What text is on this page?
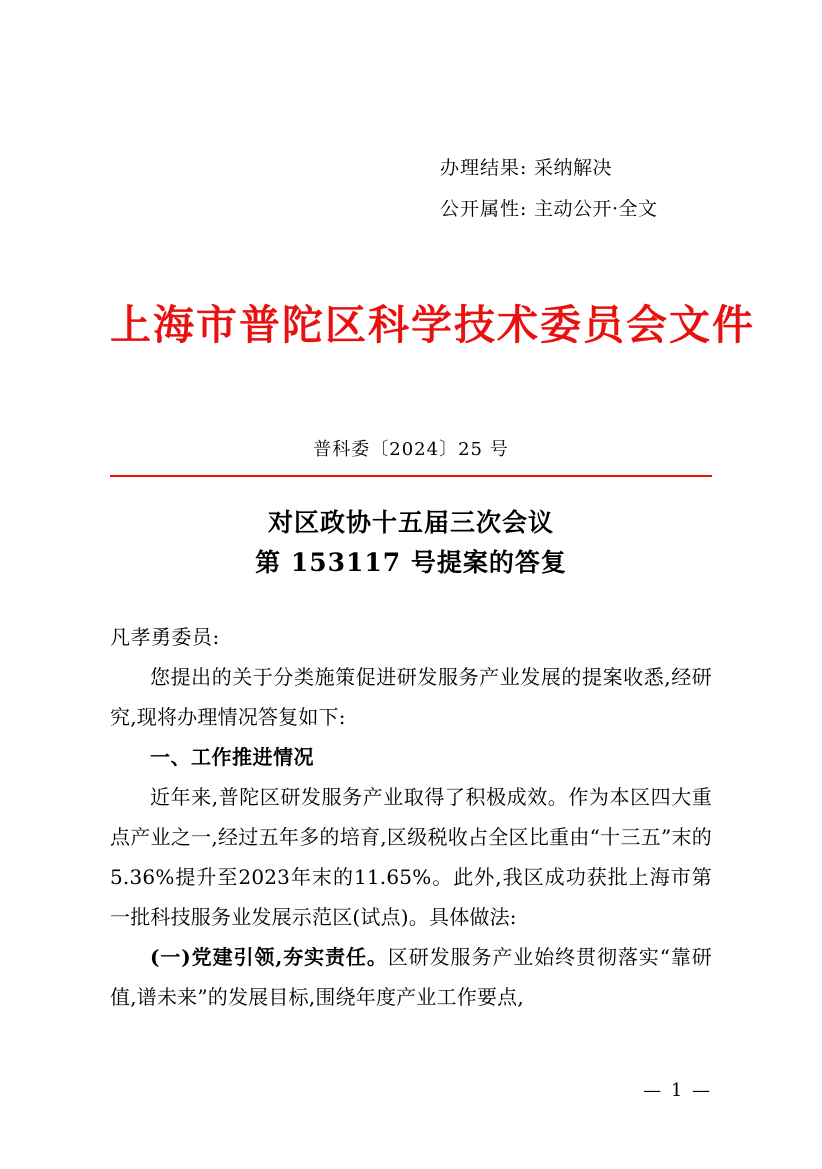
办理结果: 采纳解决
公开属性: 主动公开·全文
上海市普陀区科学技术委员会文件
普科委〔2024〕25 号
对区政协十五届三次会议
第 153117 号提案的答复
凡孝勇委员:
您提出的关于分类施策促进研发服务产业发展的提案收悉,经研究,现将办理情况答复如下:
一、工作推进情况
近年来,普陀区研发服务产业取得了积极成效。作为本区四大重点产业之一,经过五年多的培育,区级税收占全区比重由“十三五”末的5.36%提升至2023年末的11.65%。此外,我区成功获批上海市第一批科技服务业发展示范区(试点)。具体做法:
(一)党建引领,夯实责任。区研发服务产业始终贯彻落实“靠研值,谱未来”的发展目标,围绕年度产业工作要点,
— 1 —
